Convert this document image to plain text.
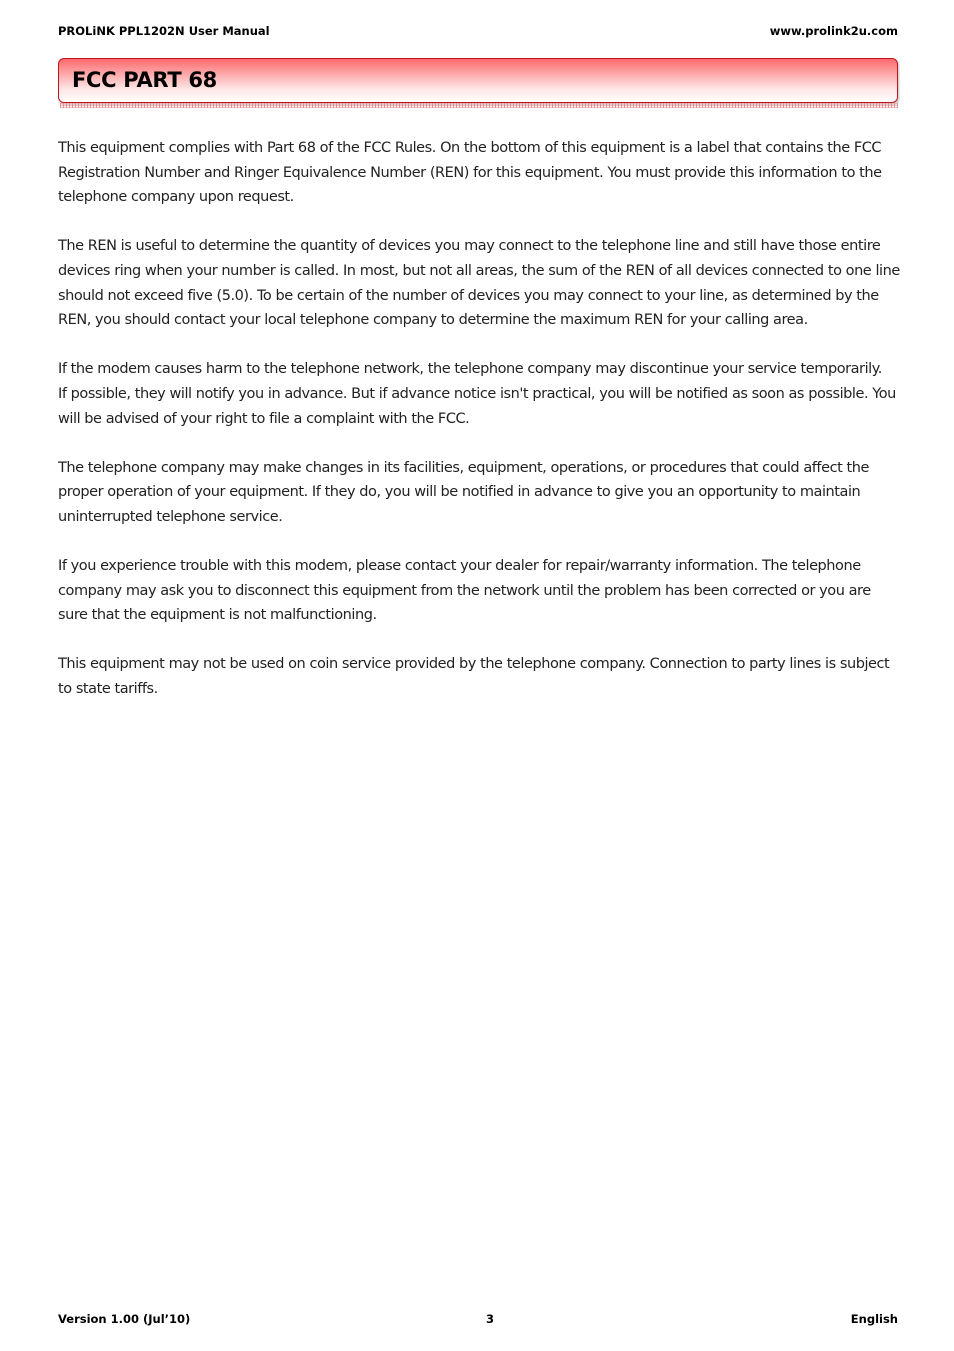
PROLiNK PPL1202N User Manual	www.prolink2u.com
FCC PART 68

This equipment complies with Part 68 of the FCC Rules. On the bottom of this equipment is a label that contains the FCC Registration Number and Ringer Equivalence Number (REN) for this equipment. You must provide this information to the telephone company upon request.

The REN is useful to determine the quantity of devices you may connect to the telephone line and still have those entire devices ring when your number is called. In most, but not all areas, the sum of the REN of all devices connected to one line should not exceed five (5.0). To be certain of the number of devices you may connect to your line, as determined by the REN, you should contact your local telephone company to determine the maximum REN for your calling area.

If the modem causes harm to the telephone network, the telephone company may discontinue your service temporarily.
If possible, they will notify you in advance. But if advance notice isn't practical, you will be notified as soon as possible. You will be advised of your right to file a complaint with the FCC.

The telephone company may make changes in its facilities, equipment, operations, or procedures that could affect the proper operation of your equipment. If they do, you will be notified in advance to give you an opportunity to maintain uninterrupted telephone service.

If you experience trouble with this modem, please contact your dealer for repair/warranty information. The telephone company may ask you to disconnect this equipment from the network until the problem has been corrected or you are sure that the equipment is not malfunctioning.

This equipment may not be used on coin service provided by the telephone company. Connection to party lines is subject to state tariffs.

Version 1.00 (Jul’10)	3	English
